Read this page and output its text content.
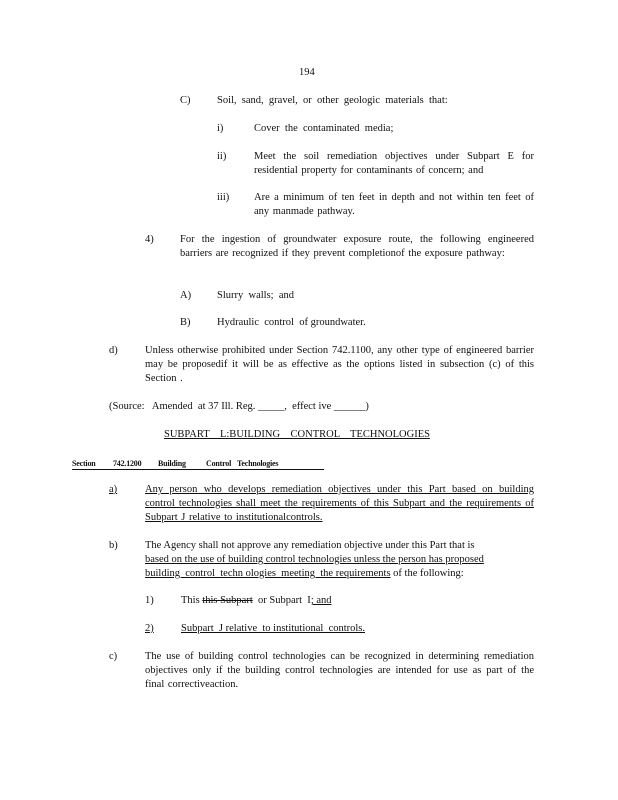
194
C)	Soil,  sand,  gravel,  or  other  geologic  materials  that:
i)	Cover  the  contaminated  media;
ii)	Meet the soil remediation objectives under Subpart E for residential property for contaminants of concern; and
iii) Are a minimum of ten feet in depth and not within ten feet of any manmade pathway.
4)	For the ingestion of groundwater exposure route, the following engineered barriers are recognized if they prevent completionof the exposure pathway:
A) Slurry  walls;  and
B)	Hydraulic  control  of groundwater.
d)	Unless otherwise prohibited under Section 742.1100, any other type of engineered barrier may be proposedif it will be as effective as the options listed in subsection (c) of this Section .
(Source:   Amended  at 37 Ill. Reg. _____,  effect ive ______)
SUBPART    L:BUILDING    CONTROL    TECHNOLOGIES
Section 742.1200 Building	Control Technologies
a)	Any person who develops remediation objectives under this Part based on building control technologies shall meet the requirements of this Subpart and the requirements of Subpart J relative to institutionalcontrols.
b)	The Agency shall not approve any remediation objective under this Part that is
based on the use of building control technologies unless the person has proposed
building  control  techn ologies  meeting  the requirements of the following:
1)	This this Subpart  or Subpart  I; and
2)	Subpart  J relative  to institutional  controls.
c)	The use of building control technologies can be recognized in determining remediation objectives only if the building control technologies are intended for use as part of the final correctiveaction.
